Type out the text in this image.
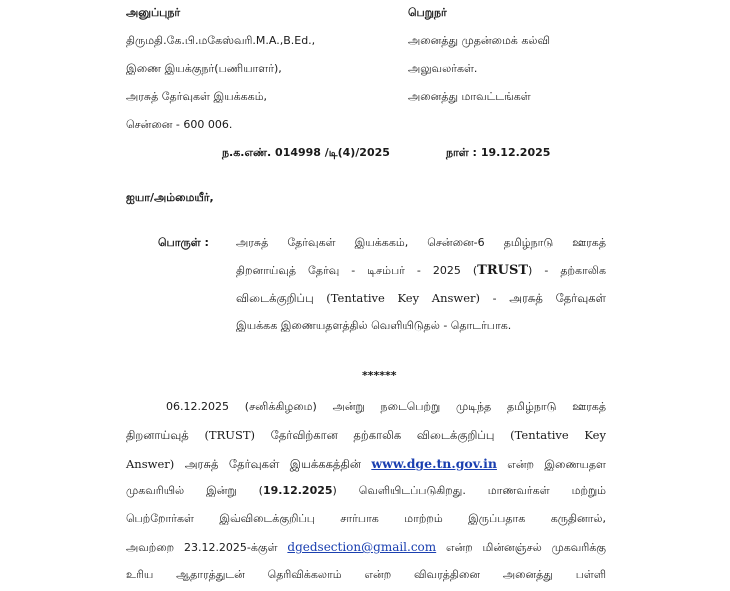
அனுப்புநர்
திருமதி.கே.பி.மகேஸ்வரி.M.A.,B.Ed.,
இணை இயக்குநர்(பணியாளர்),
அரசுத் தேர்வுகள் இயக்ககம்,
சென்னை - 600 006.
பெறுநர்
அனைத்து முதன்மைக் கல்வி
அலுவலர்கள்.
அனைத்து மாவட்டங்கள்
ந.க.எண். 014998 /டி(4)/2025	நாள் : 19.12.2025
ஐயா/அம்மையீர்,
பொருள் : அரசுத் தேர்வுகள் இயக்ககம், சென்னை-6 தமிழ்நாடு ஊரகத்
திறனாய்வுத் தேர்வு - டிசம்பர் - 2025 (TRUST) - தற்காலிக
விடைக்குறிப்பு (Tentative Key Answer) - அரசுத் தேர்வுகள்
இயக்கக இணையதளத்தில் வெளியிடுதல் - தொடர்பாக.
******
06.12.2025 (சனிக்கிழமை) அன்று நடைபெற்று முடிந்த தமிழ்நாடு ஊரகத்
திறனாய்வுத் (TRUST) தேர்விற்கான தற்காலிக விடைக்குறிப்பு (Tentative Key
Answer) அரசுத் தேர்வுகள் இயக்ககத்தின் www.dge.tn.gov.in என்ற இணையதள
முகவரியில் இன்று (19.12.2025) வெளியிடப்படுகிறது. மாணவர்கள் மற்றும்
பெற்றோர்கள் இவ்விடைக்குறிப்பு சார்பாக மாற்றம் இருப்பதாக கருதினால்,
அவற்றை 23.12.2025-க்குள் dgedsection@gmail.com என்ற மின்னஞ்சல் முகவரிக்கு
உரிய ஆதாரத்துடன் தெரிவிக்கலாம் என்ற விவரத்தினை அனைத்து பள்ளி
